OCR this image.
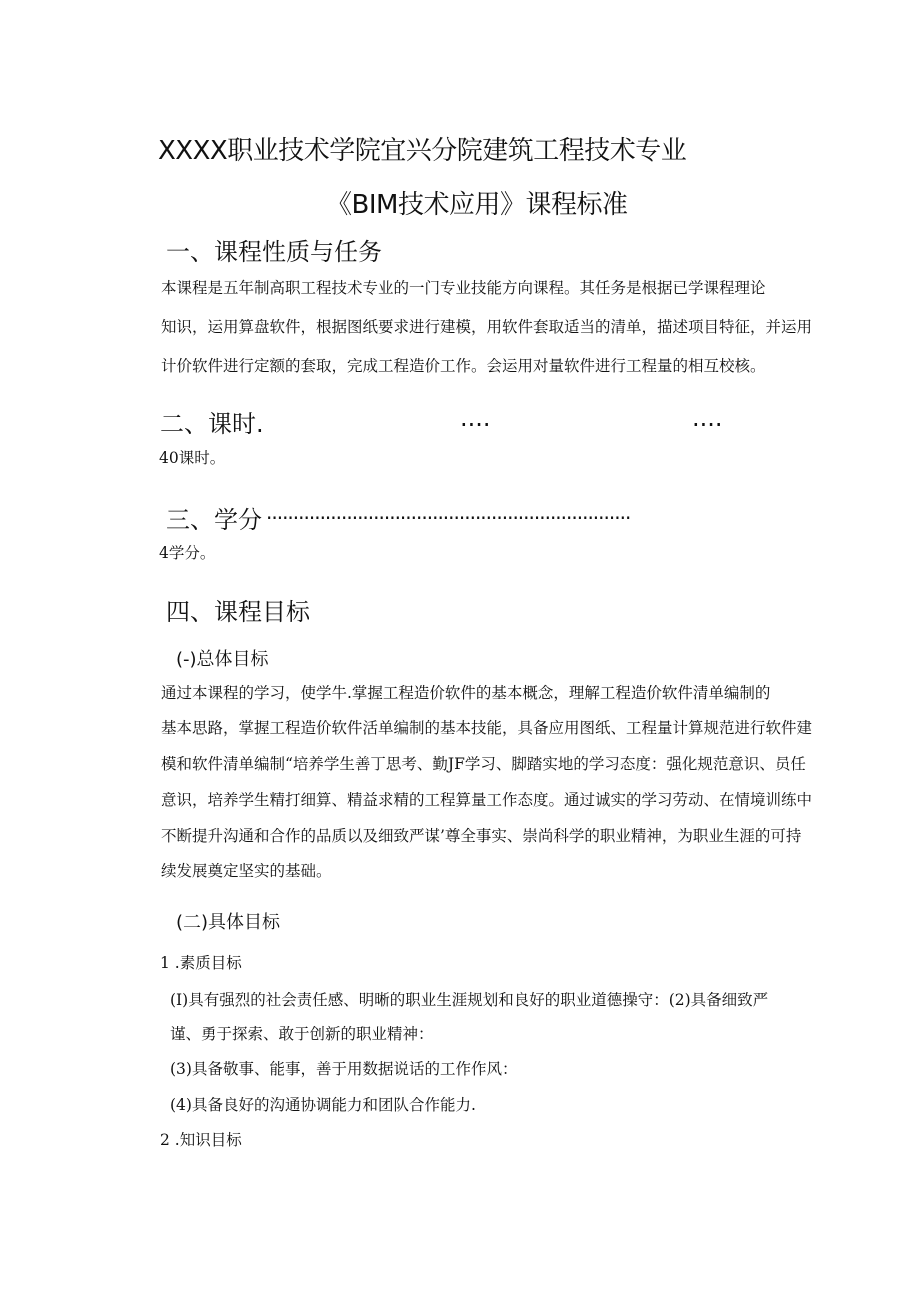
XXXX职业技术学院宜兴分院建筑工程技术专业
《BIM技术应用》课程标准
一、课程性质与任务
本课程是五年制高职工程技术专业的一门专业技能方向课程。其任务是根据已学课程理论
知识，运用算盘软件，根据图纸要求进行建模，用软件套取适当的清单，描述项目特征，并运用
计价软件进行定额的套取，完成工程造价工作。会运用对量软件进行工程量的相互校核。
二、课时.	....	....
40课时。
三、学分 ....................................................................
4学分。
四、课程目标
(-)总体目标
通过本课程的学习，使学牛.掌握工程造价软件的基本概念，理解工程造价软件清单编制的
基本思路，掌握工程造价软件活单编制的基本技能，具备应用图纸、工程量计算规范进行软件建
模和软件清单编制“培养学生善丁思考、勤JF学习、脚踏实地的学习态度：强化规范意识、员任
意识，培养学生精打细算、精益求精的工程算量工作态度。通过诚实的学习劳动、在情境训练中
不断提升沟通和合作的品质以及细致严谋’尊全事实、崇尚科学的职业精神，为职业生涯的可持
续发展奠定坚实的基础。
(二)具体目标
1 .素质目标
(I)具有强烈的社会责任感、明晰的职业生涯规划和良好的职业道德操守：(2)具备细致严
谨、勇于探索、敢于创新的职业精神：
(3)具备敬事、能事，善于用数据说话的工作作风：
(4)具备良好的沟通协调能力和团队合作能力.
2 .知识目标
